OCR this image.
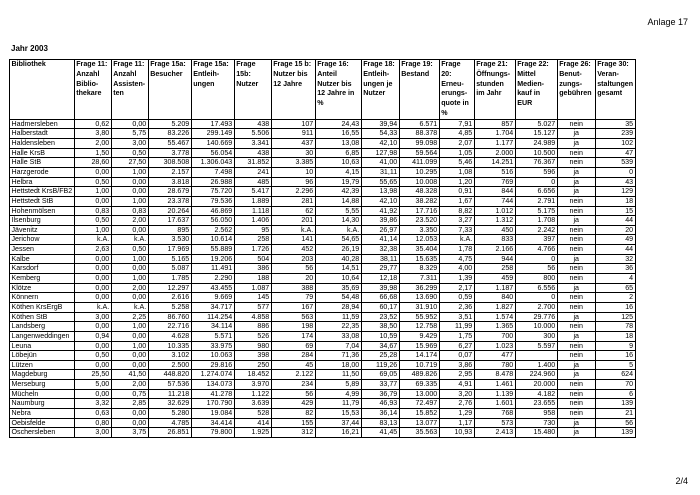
Anlage 17
Jahr 2003
Bibliothek	Frage 11: Anzahl Biblio-thekare	Frage 11: Anzahl Assisten-ten	Frage 15a: Besucher	Frage 15a: Entleih-ungen	Frage 15b: Nutzer	Frage 15 b: Nutzer bis 12 Jahre	Frage 16: Anteil Nutzer bis 12 Jahre in %	Frage 18: Entleih-ungen je Nutzer	Frage 19: Bestand	Frage 20: Erneu-erungs-quote in %	Frage 21: Öffnungs-stunden im Jahr	Frage 22: Mittel Medien-kauf in EUR	Frage 26: Benut-zungs-gebühren	Frage 30: Veran-staltungen gesamt
Hadmersleben	0,62	0,00	5.209	17.493	438	107	24,43	39,94	6.571	7,91	857	5.027	nein	35
Halberstadt	3,80	5,75	83.226	299.149	5.506	911	16,55	54,33	88.378	4,85	1.704	15.127	ja	239
Haldensleben	2,00	3,00	55.467	140.669	3.341	437	13,08	42,10	99.098	2,07	1.177	24.989	ja	102
Halle KrsB	1,50	0,50	3.778	56.054	438	30	6,85	127,98	59.564	1,05	2.000	10.500	nein	47
Halle StB	28,60	27,50	308.508	1.306.043	31.852	3.385	10,63	41,00	411.099	5,46	14.251	76.367	nein	539
Harzgerode	0,00	1,00	2.157	7.498	241	10	4,15	31,11	10.295	1,08	516	596	ja	0
Helbra	0,50	0,00	3.818	26.988	485	96	19,79	55,65	10.008	1,20	769	0	ja	43
Hettstedt KrsB/FB2	1,00	0,00	28.679	75.720	5.417	2.296	42,39	13,98	48.328	0,91	844	6.656	ja	129
Hettstedt StB	0,00	1,00	23.378	79.536	1.889	281	14,88	42,10	38.282	1,67	744	2.791	nein	18
Hohenmölsen	0,83	0,83	20.264	46.869	1.118	62	5,55	41,92	17.716	8,82	1.012	5.175	nein	15
Ilsenburg	0,50	2,00	17.637	56.050	1.406	201	14,30	39,86	23.520	3,27	1.312	1.708	ja	44
Jävenitz	1,00	0,00	895	2.562	95	k.A.	k.A.	26,97	3.350	7,33	450	2.242	nein	20
Jerichow	k.A.	k.A.	3.530	10.614	258	141	54,65	41,14	12.053	k.A.	833	397	nein	49
Jessen	2,63	0,50	17.969	55.889	1.726	452	26,19	32,38	35.404	1,78	2.166	4.766	nein	44
Kalbe	0,00	1,00	5.165	19.206	504	203	40,28	38,11	15.635	4,75	944	0	ja	32
Karsdorf	0,00	0,00	5.087	11.491	386	56	14,51	29,77	8.329	4,00	258	56	nein	36
Kemberg	0,00	1,00	1.785	2.290	188	20	10,64	12,18	7.311	1,39	459	800	nein	4
Klötze	0,00	2,00	12.297	43.455	1.087	388	35,69	39,98	36.299	2,17	1.187	6.556	ja	65
Könnern	0,00	0,00	2.616	9.669	145	79	54,48	66,68	13.690	0,59	840	0	nein	2
Köthen KrsErgB	k.A.	k.A.	5.258	34.717	577	167	28,94	60,17	31.910	2,36	1.827	2.700	nein	16
Köthen StB	3,00	2,25	86.760	114.254	4.858	563	11,59	23,52	55.952	3,51	1.574	29.776	ja	125
Landsberg	0,00	1,00	22.716	34.114	886	198	22,35	38,50	12.758	11,99	1.365	10.000	nein	78
Langenweddingen	0,94	0,00	4.628	5.571	526	174	33,08	10,59	9.429	1,75	700	300	ja	18
Leuna	0,00	1,00	10.335	33.975	980	69	7,04	34,67	15.969	6,27	1.023	5.597	nein	9
Löbejün	0,50	0,00	3.102	10.063	398	284	71,36	25,28	14.174	0,07	477		nein	16
Lützen	0,00	0,00	2.500	29.816	250	45	18,00	119,26	10.719	3,86	780	1.400	ja	5
Magdeburg	25,50	41,50	448.820	1.274.074	18.452	2.122	11,50	69,05	489.826	2,95	8.478	224.960	ja	624
Merseburg	5,00	2,00	57.536	134.073	3.970	234	5,89	33,77	69.335	4,91	1.461	20.000	nein	70
Mücheln	0,00	0,75	11.218	41.278	1.122	56	4,99	36,79	13.000	3,20	1.139	4.182	nein	6
Naumburg	3,32	2,85	32.629	170.790	3.639	429	11,79	46,93	72.497	2,76	1.601	23.655	nein	139
Nebra	0,63	0,00	5.280	19.084	528	82	15,53	36,14	15.852	1,29	768	958	nein	21
Oebisfelde	0,80	0,00	4.785	34.414	414	155	37,44	83,13	13.077	1,17	573	730	ja	56
Oschersleben	3,00	3,75	26.851	79.800	1.925	312	16,21	41,45	35.563	10,93	2.413	15.480	ja	139
2/4
